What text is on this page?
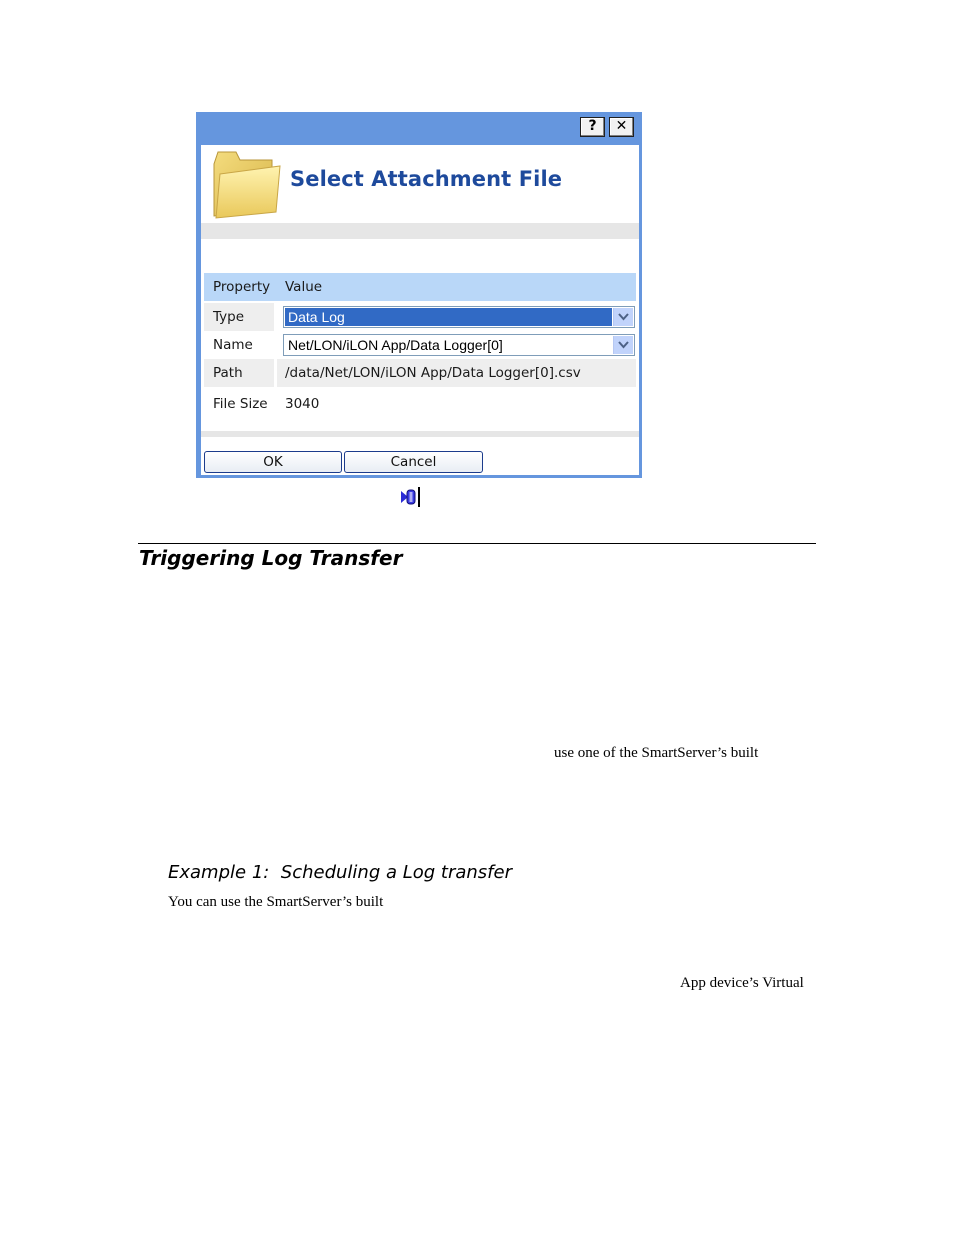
?	✕
Select Attachment File
Property	Value
Type	Data Log
Name	Net/LON/iLON App/Data Logger[0]
Path	/data/Net/LON/iLON App/Data Logger[0].csv
File Size	3040
OK	Cancel
Triggering Log Transfer
use one of the SmartServer’s built
Example 1:  Scheduling a Log transfer
You can use the SmartServer’s built
App device’s Virtual
